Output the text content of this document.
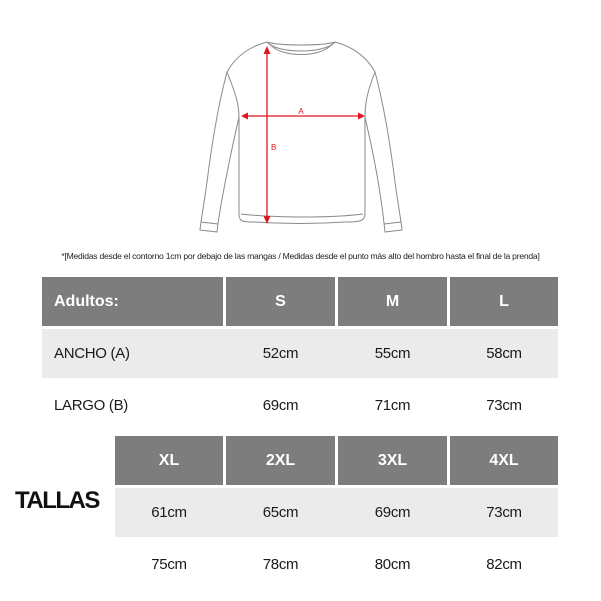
A
B
*[Medidas desde el contorno 1cm por debajo de las mangas / Medidas desde el punto más alto del hombro hasta el final de la prenda]
Adultos:	S	M	L
ANCHO (A)	52cm	55cm	58cm
LARGO (B)	69cm	71cm	73cm
XL	2XL	3XL	4XL
61cm	65cm	69cm	73cm
75cm	78cm	80cm	82cm
TALLAS
